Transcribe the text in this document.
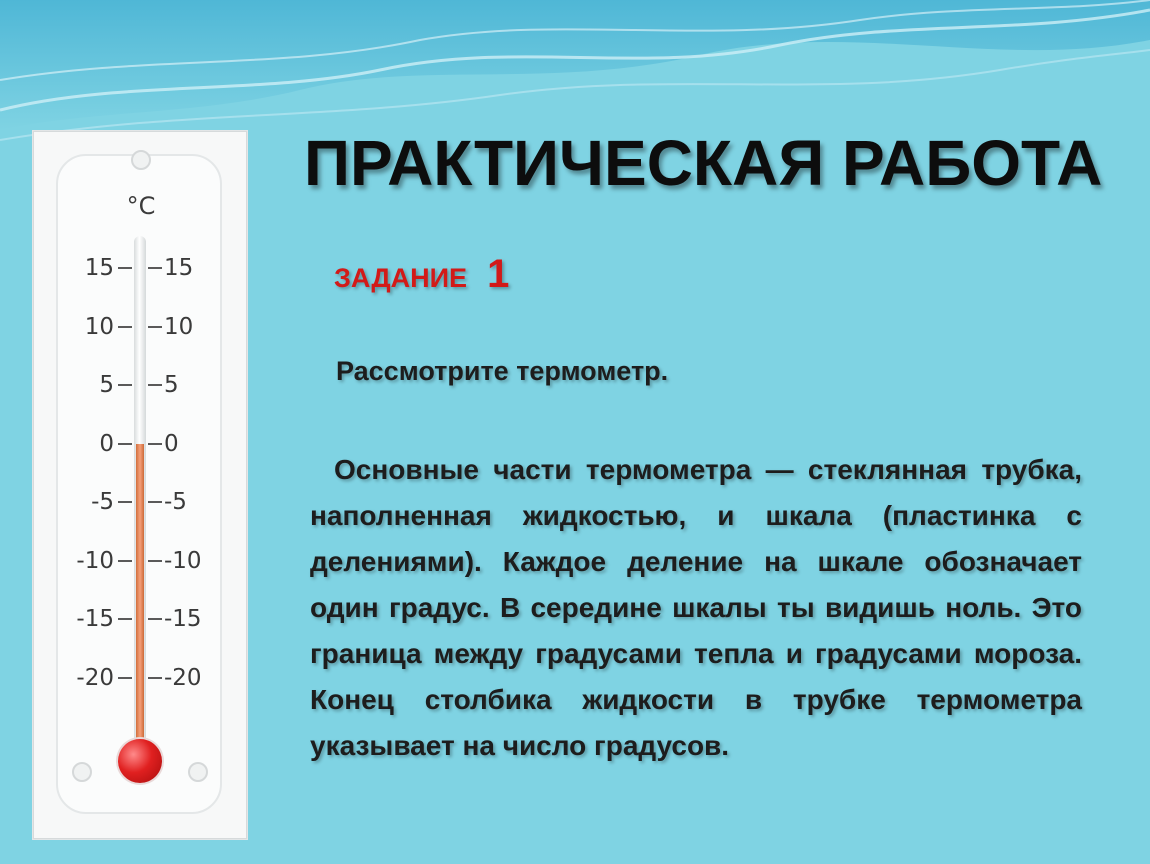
°C
15 15
10 10
5 5
0 0
-5 -5
-10 -10
-15 -15
-20 -20
ПРАКТИЧЕСКАЯ РАБОТА
ЗАДАНИЕ 1
Рассмотрите термометр.
Основные части термометра — стеклянная трубка, наполненная жидкостью, и шкала (пластинка с делениями). Каждое деление на шкале обозначает один градус. В середине шкалы ты видишь ноль. Это граница между градусами тепла и градусами мороза. Конец столбика жидкости в трубке термометра указывает на число градусов.
